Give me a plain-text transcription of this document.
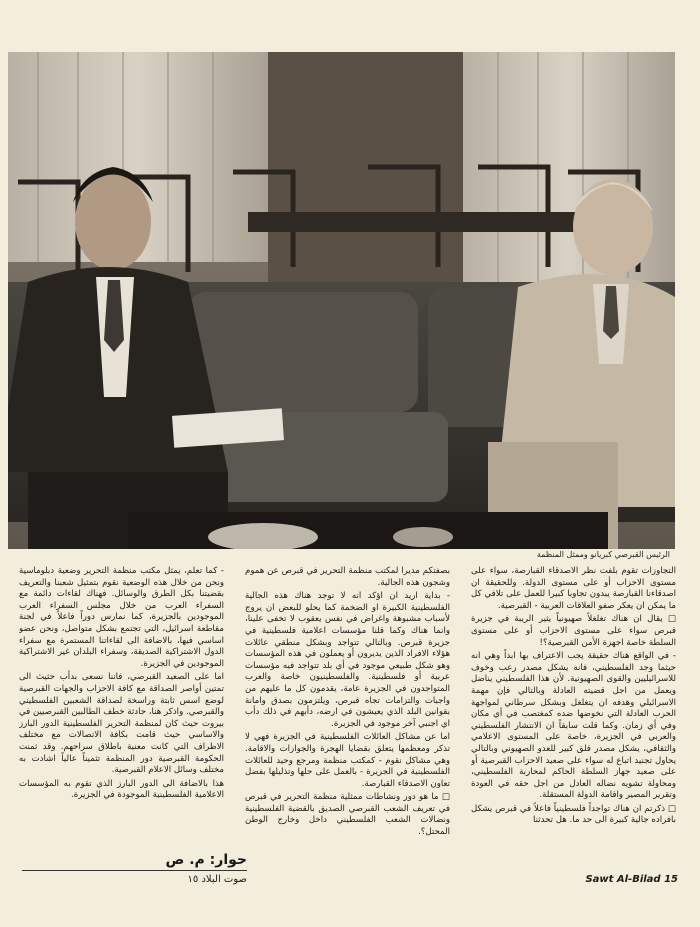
الرئيس القبرصي كبريانو وممثل المنظمة

التجاوزات تقوم بلفت نظر الاصدقاء القبارصة، سواء على مستوى الاحزاب أو على مستوى الدولة. وللحقيقة ان اصدقاءنا القبارصة يبدون تجاوبا كبيرا للعمل على تلافي كل ما يمكن ان يعكر صفو العلاقات العربية - القبرصية.

□ يقال ان هناك تغلغلاً صهيونياً يثير الريبة في جزيرة قبرص سواء على مستوى الاحزاب أو على مستوى السلطة خاصة اجهزة الأمن القبرصية؟!

- في الواقع هناك حقيقة يجب الاعتراف بها ابداً وهي انه حيثما وجد الفلسطيني، فانه يشكل مصدر رعب وخوف للاسرائيليين والقوى الصهيونية. لأن هذا الفلسطيني يناضل ويعمل من اجل قضيته العادلة وبالتالي فإن مهمة الاسرائيلي وهدفه ان يتغلغل وبشكل سرطاني لمواجهة الحرب العادلة التي نخوضها ضده كمغتصب في أي مكان وفي أي زمان. وكما قلت سابقاً ان الانتشار الفلسطيني والعربي في الجزيرة، خاصة على المستوى الاعلامي والثقافي، يشكل مصدر قلق كبير للعدو الصهيوني وبالتالي يحاول تجنيد اتباع له سواء على صعيد الاحزاب القبرصية أو على صعيد جهاز السلطة الحاكم لمحاربة الفلسطيني، ومحاولة تشويه نضاله العادل من اجل حقه في العودة وتقرير المصير واقامة الدولة المستقلة.

□ ذكرتم ان هناك تواجداً فلسطينياً فاعلاً في قبرص يشكل بافراده جالية كبيرة الى حد ما. هل تحدثنا

بصفتكم مديراً لمكتب منظمة التحرير في قبرص عن هموم وشجون هذه الجالية.

- بداية اريد ان اؤكد انه لا توجد هناك هذه الجالية الفلسطينية الكبيرة او الضخمة كما يحلو للبعض ان يروج لأسباب مشبوهة واغراض في نفس يعقوب لا تخفى علينا، وانما هناك وكما قلنا مؤسسات اعلامية فلسطينية في جزيرة قبرص. وبالتالي تتواجد وبشكل منطقي عائلات هؤلاء الافراد الذين يديرون أو يعملون في هذه المؤسسات وهو شكل طبيعي موجود في أي بلد تتواجد فيه مؤسسات عربية أو فلسطينية. والفلسطينيون خاصة والعرب المتواجدون في الجزيرة عامة، يقدمون كل ما عليهم من واجبات والتزامات تجاه قبرص، ويلتزمون بصدق وامانة بقوانين البلد الذي يعيشون في ارضه، دأبهم في ذلك دأب اي اجنبي آخر موجود في الجزيرة.

اما عن مشاكل العائلات الفلسطينية في الجزيرة فهي لا تذكر ومعظمها يتعلق بقضايا الهجرة والجوازات والاقامة. وهي مشاكل نقوم - كمكتب منظمة ومرجع وحيد للعائلات الفلسطينية في الجزيرة - بالعمل على حلها وتذليلها بفضل تعاون الاصدقاء القبارصة.

□ ما هو دور ونشاطات ممثلية منظمة التحرير في قبرص في تعريف الشعب القبرصي الصديق بالقضية الفلسطينية ونضالات الشعب الفلسطيني داخل وخارج الوطن المحتل؟.

- كما تعلم، يمثل مكتب منظمة التحرير وضعية دبلوماسية ونحن من خلال هذه الوضعية نقوم بتمثيل شعبنا والتعريف بقضيتنا بكل الطرق والوسائل. فهناك لقاءات دائمة مع السفراء العرب من خلال مجلس السفراء العرب الموجودين بالجزيرة، كما نمارس دوراً فاعلاً في لجنة مقاطعة اسرائيل، التي تجتمع بشكل متواصل، ونحن عضو اساسي فيها، بالاضافة الى لقاءاتنا المستمرة مع سفراء الدول الاشتراكية الصديقة، وسفراء البلدان غير الاشتراكية الموجودين في الجزيرة.

اما على الصعيد القبرصي، فاننا نسعى بدأب حثيث الى تمتين أواصر الصداقة مع كافة الاحزاب والجهات القبرصية لوضع اسس ثابتة وراسخة لصداقة الشعبين الفلسطيني والقبرصي. واذكر هنا، حادثة خطف الطالبين القبرصيين في بيروت حيث كان لمنظمة التحرير الفلسطينية الدور البارز والاساسي حيث قامت بكافة الاتصالات مع مختلف الاطراف التي كانت معنية باطلاق سراحهم. وقد ثمنت الحكومة القبرصية دور المنظمة تثميناً عالياً اشادت به مختلف وسائل الاعلام القبرصية.

هذا بالاضافة الى الدور البارز الذي تقوم به المؤسسات الاعلامية الفلسطينية الموجودة في الجزيرة.

حوار: م. ص
صوت البلاد ١٥	Sawt Al-Bilad 15
